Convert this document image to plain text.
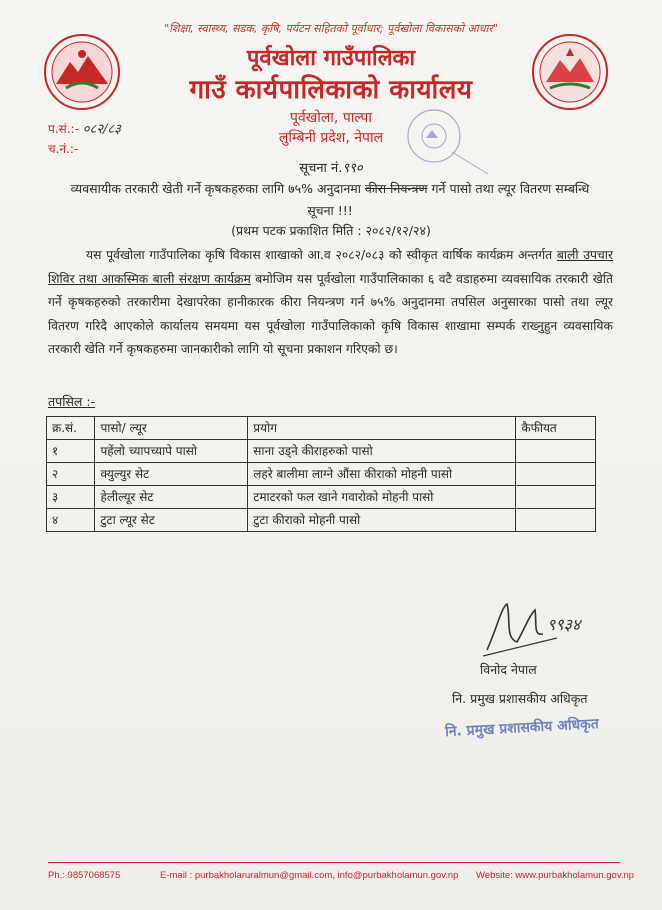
"शिक्षा, स्वास्थ्य, सडक, कृषि, पर्यटन सहितको पूर्वाधार; पूर्वखोला विकासको आधार"
पूर्वखोला गाउँपालिका
गाउँ कार्यपालिकाको कार्यालय
पूर्वखोला, पाल्पा
लुम्बिनी प्रदेश, नेपाल
प.सं.:- ०८२/८३
च.नं.:-
सूचना नं.९९०
व्यवसायीक तरकारी खेती गर्ने कृषकहरुका लागि ७५% अनुदानमा कीरा नियन्त्रण गर्ने पासो तथा ल्यूर वितरण सम्बन्धि सूचना !!!
(प्रथम पटक प्रकाशित मिति : २०८२/१२/२४)
यस पूर्वखोला गाउँपालिका कृषि विकास शाखाको आ.व २०८२/०८३ को स्वीकृत वार्षिक कार्यक्रम अन्तर्गत बाली उपचार शिविर तथा आकस्मिक बाली संरक्षण कार्यक्रम बमोजिम यस पूर्वखोला गाउँपालिकाका ६ वटै वडाहरुमा व्यवसायिक तरकारी खेति गर्ने कृषकहरुको तरकारीमा देखापरेका हानीकारक कीरा नियन्त्रण गर्न ७५% अनुदानमा तपसिल अनुसारका पासो तथा ल्यूर वितरण गरिदै आएकोले कार्यालय समयमा यस पूर्वखोला गाउँपालिकाको कृषि विकास शाखामा सम्पर्क राख्नुहुन व्यवसायिक तरकारी खेति गर्ने कृषकहरुमा जानकारीको लागि यो सूचना प्रकाशन गरिएको छ।
तपसिल :-
क्र.सं.	पासो/ ल्यूर	प्रयोग	कैफीयत
१	पहेंलो च्यापच्यापे पासो	साना उड्ने कीराहरुको पासो	
२	क्युल्युर सेट	लहरे बालीमा लाग्ने औंसा कीराको मोहनी पासो	
३	हेलील्यूर सेट	टमाटरको फल खाने गवारोको मोहनी पासो	
४	टुटा ल्यूर सेट	टुटा कीराको मोहनी पासो	
९९३४
विनोद नेपाल
नि. प्रमुख प्रशासकीय अधिकृत
नि. प्रमुख प्रशासकीय अधिकृत
Ph.: 9857068575	E-mail : purbakholaruralmun@gmail.com, info@purbakholamun.gov.np Website: www.purbakholamun.gov.np
